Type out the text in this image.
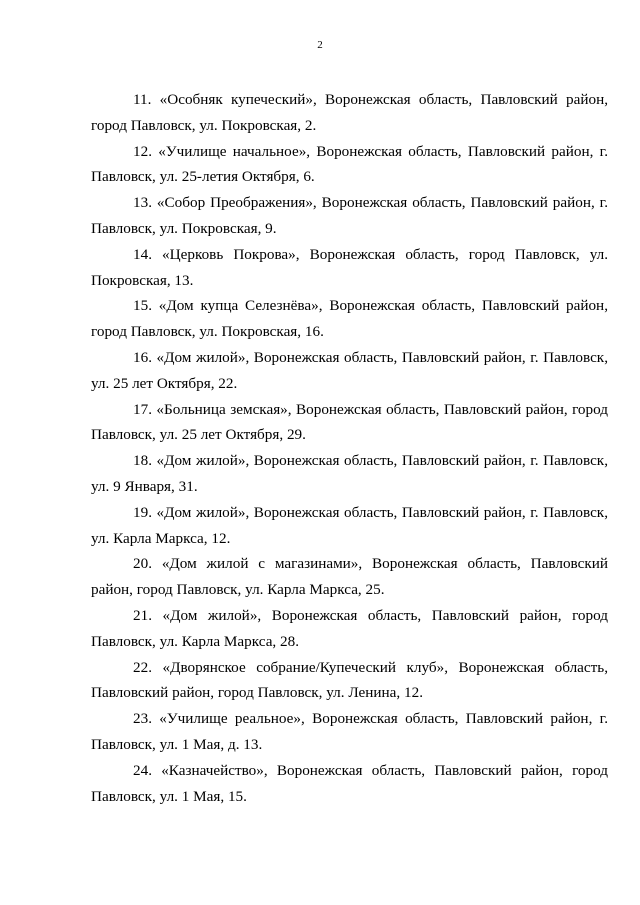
2

11. «Особняк купеческий», Воронежская область, Павловский район, город Павловск, ул. Покровская, 2.

12. «Училище начальное», Воронежская область, Павловский район, г. Павловск, ул. 25-летия Октября, 6.

13. «Собор Преображения», Воронежская область, Павловский район, г. Павловск, ул. Покровская, 9.

14. «Церковь Покрова», Воронежская область, город Павловск, ул. Покровская, 13.

15. «Дом купца Селезнёва», Воронежская область, Павловский район, город Павловск, ул. Покровская, 16.

16. «Дом жилой», Воронежская область, Павловский район, г. Павловск, ул. 25 лет Октября, 22.

17. «Больница земская», Воронежская область, Павловский район, город Павловск, ул. 25 лет Октября, 29.

18. «Дом жилой», Воронежская область, Павловский район, г. Павловск, ул. 9 Января, 31.

19. «Дом жилой», Воронежская область, Павловский район, г. Павловск, ул. Карла Маркса, 12.

20. «Дом жилой с магазинами», Воронежская область, Павловский район, город Павловск, ул. Карла Маркса, 25.

21. «Дом жилой», Воронежская область, Павловский район, город Павловск, ул. Карла Маркса, 28.

22. «Дворянское собрание/Купеческий клуб», Воронежская область, Павловский район, город Павловск, ул. Ленина, 12.

23. «Училище реальное», Воронежская область, Павловский район, г. Павловск, ул. 1 Мая, д. 13.

24. «Казначейство», Воронежская область, Павловский район, город Павловск, ул. 1 Мая, 15.
